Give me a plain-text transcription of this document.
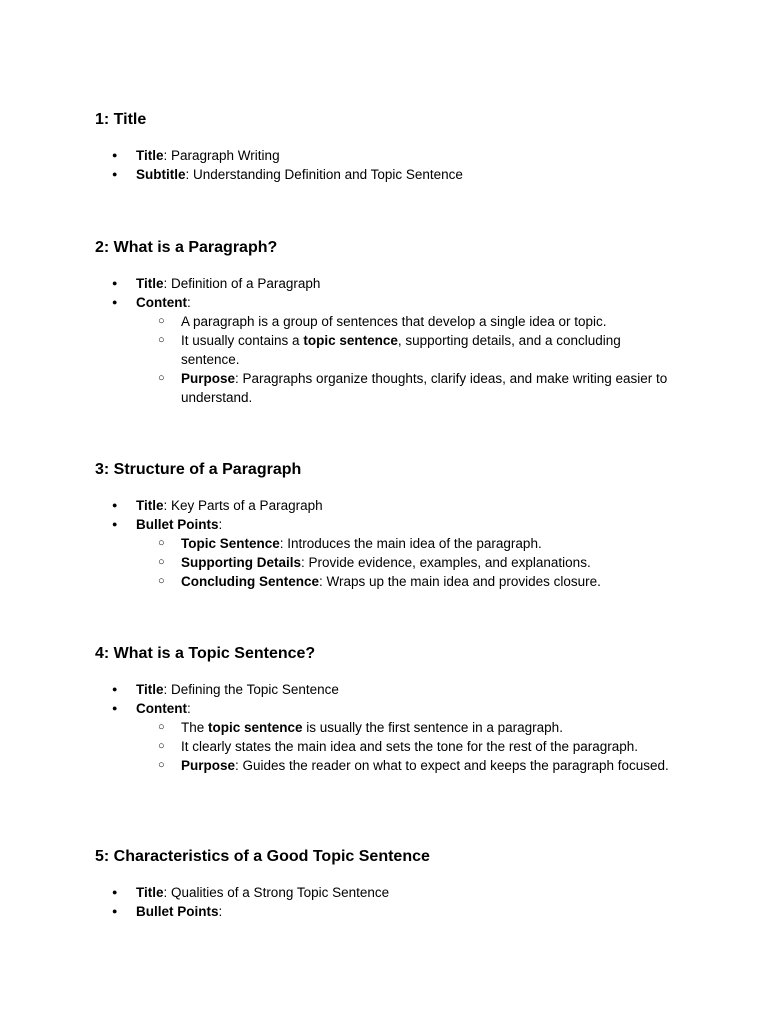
1: Title
● Title: Paragraph Writing
● Subtitle: Understanding Definition and Topic Sentence
2: What is a Paragraph?
● Title: Definition of a Paragraph
● Content:
○ A paragraph is a group of sentences that develop a single idea or topic.
○ It usually contains a topic sentence, supporting details, and a concluding sentence.
○ Purpose: Paragraphs organize thoughts, clarify ideas, and make writing easier to understand.
3: Structure of a Paragraph
● Title: Key Parts of a Paragraph
● Bullet Points:
○ Topic Sentence: Introduces the main idea of the paragraph.
○ Supporting Details: Provide evidence, examples, and explanations.
○ Concluding Sentence: Wraps up the main idea and provides closure.
4: What is a Topic Sentence?
● Title: Defining the Topic Sentence
● Content:
○ The topic sentence is usually the first sentence in a paragraph.
○ It clearly states the main idea and sets the tone for the rest of the paragraph.
○ Purpose: Guides the reader on what to expect and keeps the paragraph focused.
5: Characteristics of a Good Topic Sentence
● Title: Qualities of a Strong Topic Sentence
● Bullet Points:
